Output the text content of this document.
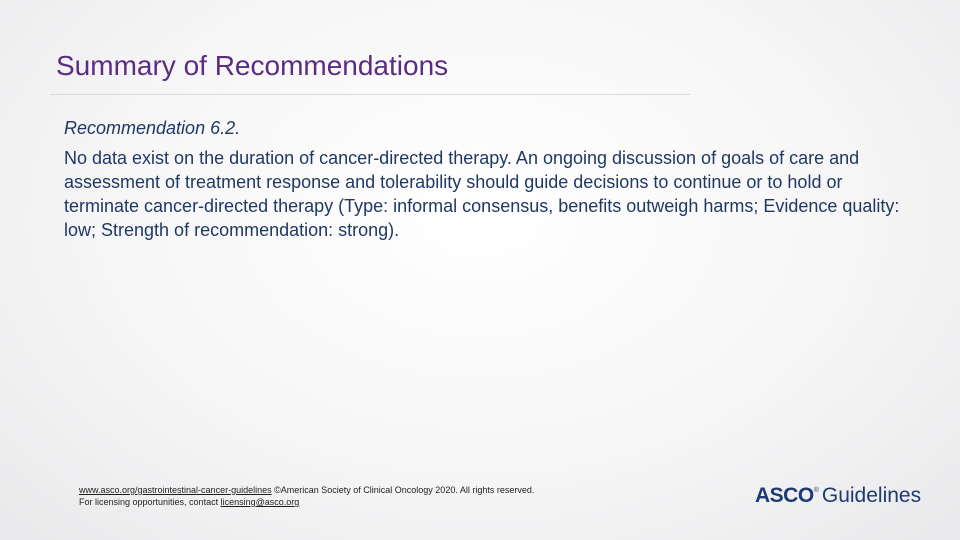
Summary of Recommendations
Recommendation 6.2.
No data exist on the duration of cancer-directed therapy. An ongoing discussion of goals of care and assessment of treatment response and tolerability should guide decisions to continue or to hold or terminate cancer-directed therapy (Type: informal consensus, benefits outweigh harms; Evidence quality: low; Strength of recommendation: strong).
www.asco.org/gastrointestinal-cancer-guidelines ©American Society of Clinical Oncology 2020. All rights reserved.
For licensing opportunities, contact licensing@asco.org	ASCO ® Guidelines
